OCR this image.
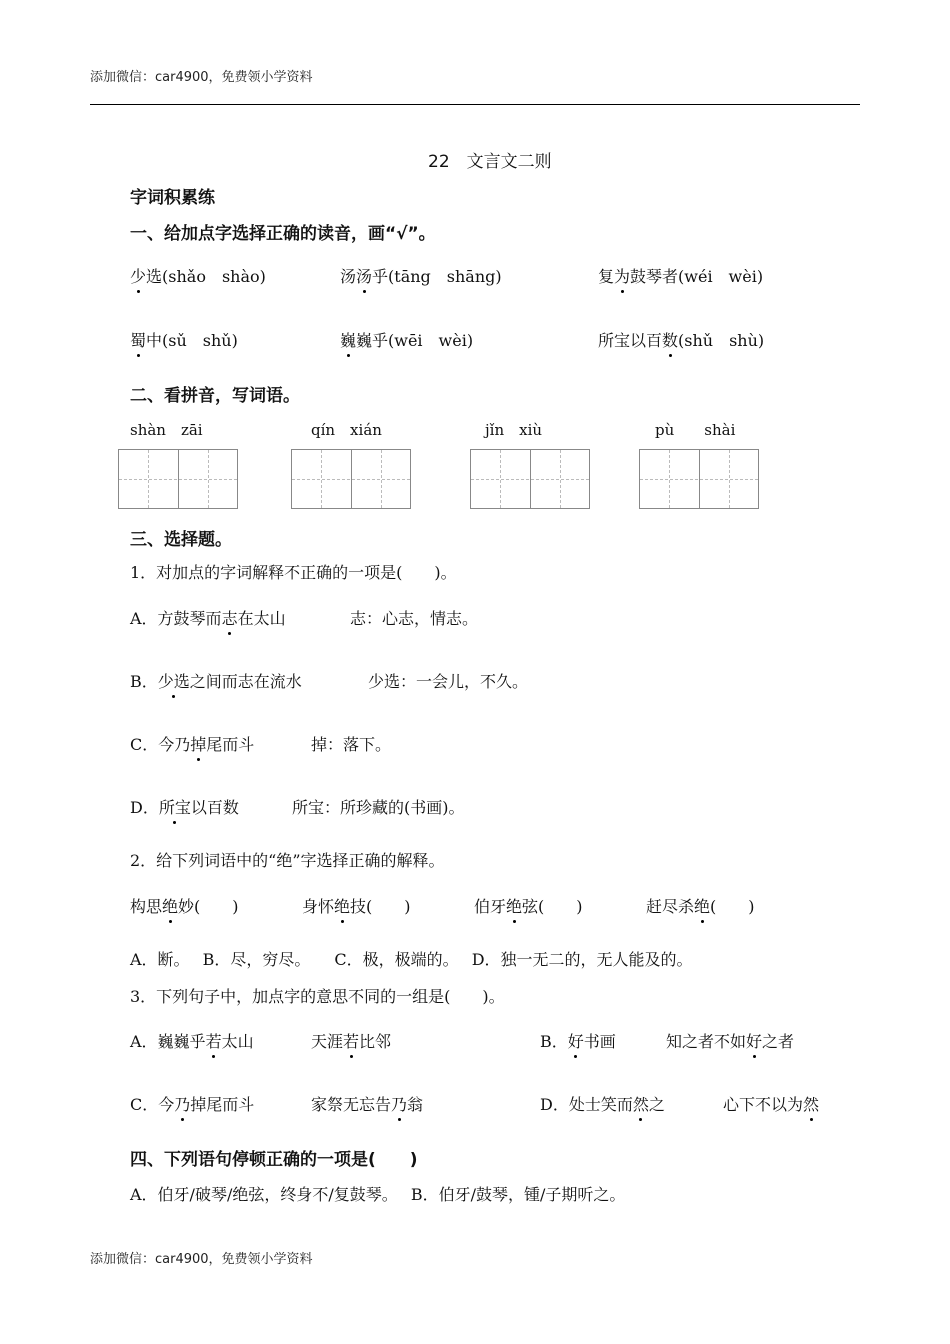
添加微信：car4900，免费领小学资料
22　文言文二则
字词积累练
一、给加点字选择正确的读音，画“√”。
少选(shǎo　shào)	汤汤乎(tāng　shāng)	复为鼓琴者(wéi　wèi)
蜀中(sǔ　shǔ)	巍巍乎(wēi　wèi)	所宝以百数(shǔ　shù)
二、看拼音，写词语。
shàn　zāi	qín　xián	jǐn　xiù	pù　　shài
三、选择题。
1．对加点的字词解释不正确的一项是(　　)。
A．方鼓琴而志在太山	志：心志，情志。
B．少选之间而志在流水	少选：一会儿，不久。
C．今乃掉尾而斗	掉：落下。
D．所宝以百数	所宝：所珍藏的(书画)。
2．给下列词语中的“绝”字选择正确的解释。
构思绝妙(　　)	身怀绝技(　　)	伯牙绝弦(　　)	赶尽杀绝(　　)
A．断。　 B．尽，穷尽。　　C．极，极端的。　 D．独一无二的，无人能及的。
3．下列句子中，加点字的意思不同的一组是(　　)。
A．巍巍乎若太山	天涯若比邻	B．好书画	知之者不如好之者
C．今乃掉尾而斗	家祭无忘告乃翁	D．处士笑而然之	心下不以为然
四、下列语句停顿正确的一项是(　　)
A．伯牙/破琴/绝弦，终身不/复鼓琴。　 B．伯牙/鼓琴，锺/子期听之。
添加微信：car4900，免费领小学资料
